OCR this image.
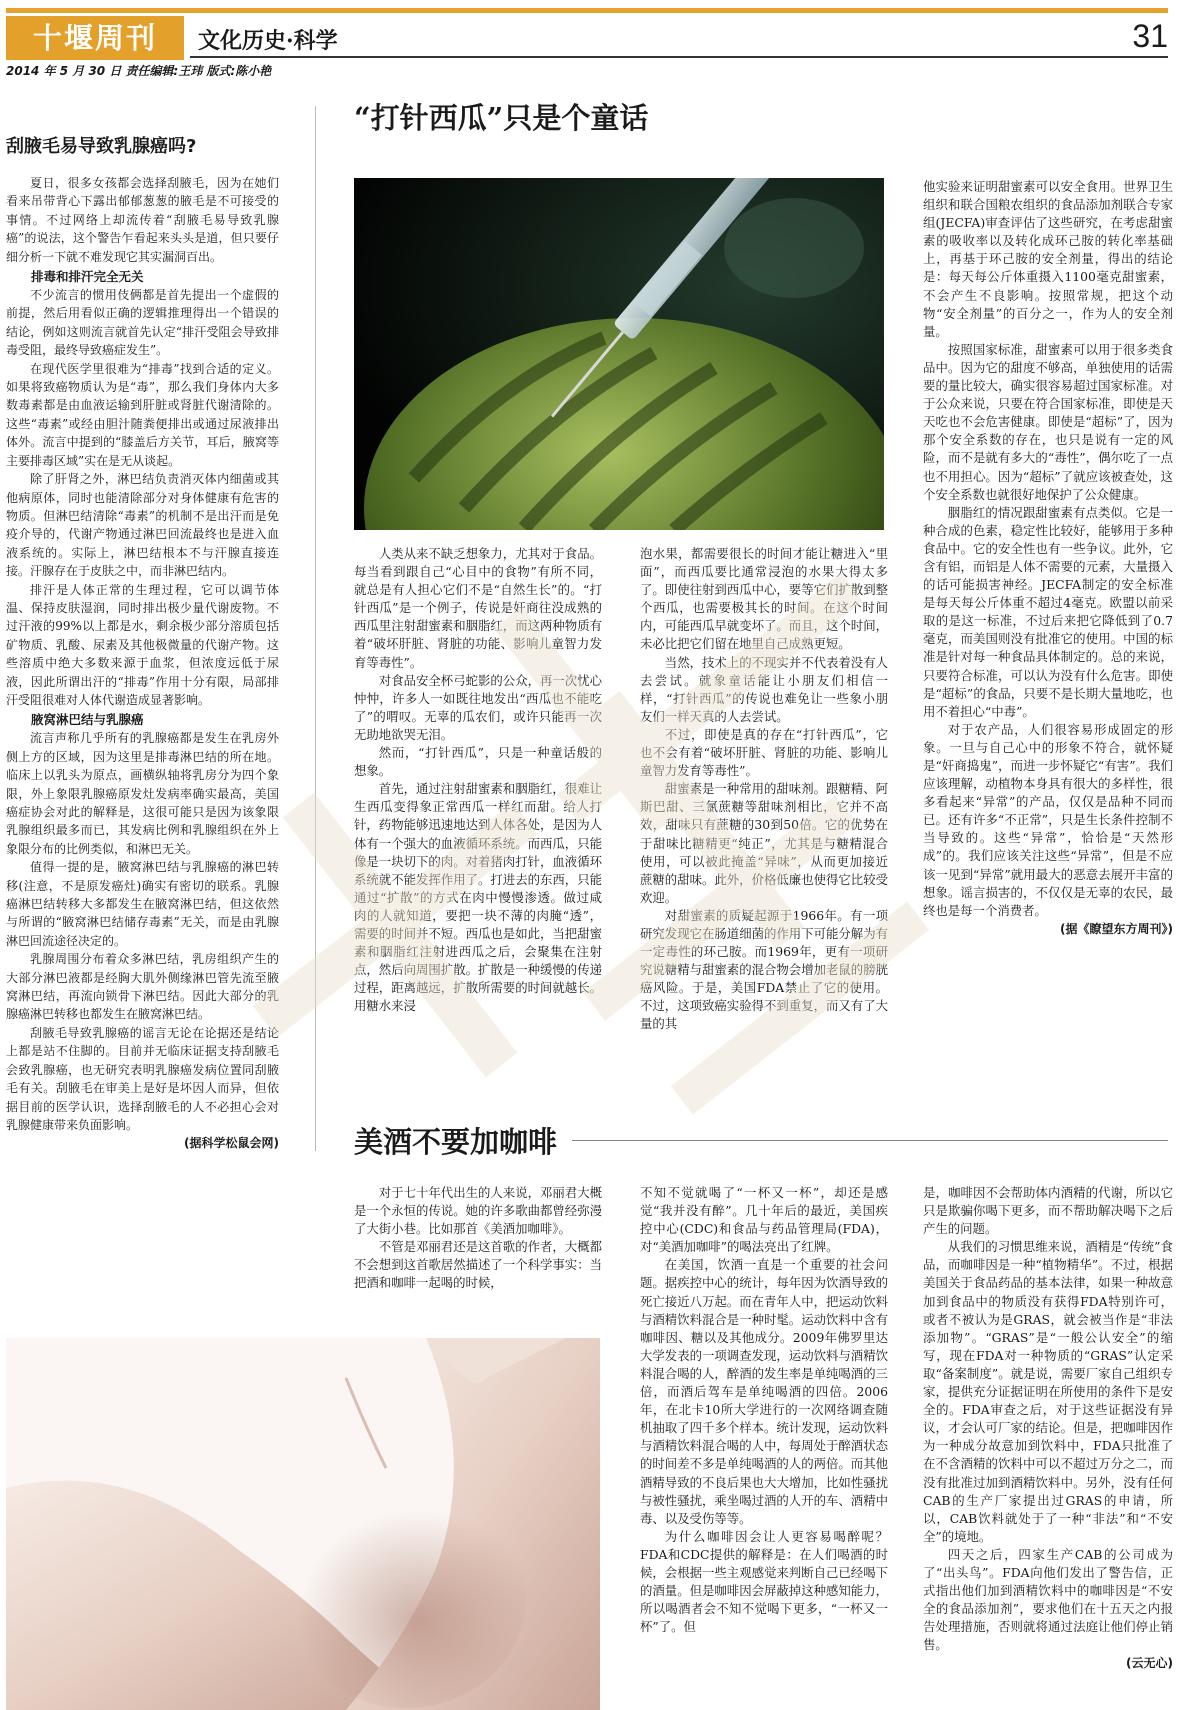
十堰周刊	文化历史·科学	31
2014 年 5 月 30 日 责任编辑:王玮 版式:陈小艳
刮腋毛易导致乳腺癌吗?

夏日，很多女孩都会选择刮腋毛，因为在她们看来吊带背心下露出郁郁葱葱的腋毛是不可接受的事情。不过网络上却流传着“刮腋毛易导致乳腺癌”的说法，这个警告乍看起来头头是道，但只要仔细分析一下就不难发现它其实漏洞百出。

排毒和排汗完全无关

不少流言的惯用伎俩都是首先提出一个虚假的前提，然后用看似正确的逻辑推理得出一个错误的结论，例如这则流言就首先认定“排汗受阻会导致排毒受阻，最终导致癌症发生”。

在现代医学里很难为“排毒”找到合适的定义。如果将致癌物质认为是“毒”，那么我们身体内大多数毒素都是由血液运输到肝脏或肾脏代谢清除的。这些“毒素”或经由胆汁随粪便排出或通过尿液排出体外。流言中提到的“膝盖后方关节，耳后，腋窝等主要排毒区域”实在是无从谈起。

除了肝肾之外，淋巴结负责消灭体内细菌或其他病原体，同时也能清除部分对身体健康有危害的物质。但淋巴结清除“毒素”的机制不是出汗而是免疫介导的，代谢产物通过淋巴回流最终也是进入血液系统的。实际上，淋巴结根本不与汗腺直接连接。汗腺存在于皮肤之中，而非淋巴结内。

排汗是人体正常的生理过程，它可以调节体温、保持皮肤湿润，同时排出极少量代谢废物。不过汗液的99%以上都是水，剩余极少部分溶质包括矿物质、乳酸、尿素及其他极微量的代谢产物。这些溶质中绝大多数来源于血浆，但浓度远低于尿液，因此所谓出汗的“排毒”作用十分有限，局部排汗受阻很难对人体代谢造成显著影响。

腋窝淋巴结与乳腺癌

流言声称几乎所有的乳腺癌都是发生在乳房外侧上方的区域，因为这里是排毒淋巴结的所在地。临床上以乳头为原点，画横纵轴将乳房分为四个象限，外上象限乳腺癌原发灶发病率确实最高，美国癌症协会对此的解释是，这很可能只是因为该象限乳腺组织最多而已，其发病比例和乳腺组织在外上象限分布的比例类似，和淋巴无关。

值得一提的是，腋窝淋巴结与乳腺癌的淋巴转移(注意，不是原发癌灶)确实有密切的联系。乳腺癌淋巴结转移大多都发生在腋窝淋巴结，但这依然与所谓的“腋窝淋巴结储存毒素”无关，而是由乳腺淋巴回流途径决定的。

乳腺周围分布着众多淋巴结，乳房组织产生的大部分淋巴液都是经胸大肌外侧缘淋巴管先流至腋窝淋巴结，再流向锁骨下淋巴结。因此大部分的乳腺癌淋巴转移也都发生在腋窝淋巴结。

刮腋毛导致乳腺癌的谣言无论在论据还是结论上都是站不住脚的。目前并无临床证据支持刮腋毛会致乳腺癌，也无研究表明乳腺癌发病位置同刮腋毛有关。刮腋毛在审美上是好是坏因人而异，但依据目前的医学认识，选择刮腋毛的人不必担心会对乳腺健康带来负面影响。

(据科学松鼠会网)

“打针西瓜”只是个童话

人类从来不缺乏想象力，尤其对于食品。每当看到跟自己“心目中的食物”有所不同，就总是有人担心它们不是“自然生长”的。“打针西瓜”是一个例子，传说是奸商往没成熟的西瓜里注射甜蜜素和胭脂红，而这两种物质有着“破坏肝脏、肾脏的功能、影响儿童智力发育等毒性”。

对食品安全杯弓蛇影的公众，再一次忧心忡忡，许多人一如既往地发出“西瓜也不能吃了”的喟叹。无辜的瓜农们，或许只能再一次无助地欲哭无泪。

然而，“打针西瓜”，只是一种童话般的想象。

首先，通过注射甜蜜素和胭脂红，很难让生西瓜变得象正常西瓜一样红而甜。给人打针，药物能够迅速地达到人体各处，是因为人体有一个强大的血液循环系统。而西瓜，只能像是一块切下的肉。对着猪肉打针，血液循环系统就不能发挥作用了。打进去的东西，只能通过“扩散”的方式在肉中慢慢渗透。做过咸肉的人就知道，要把一块不薄的肉腌“透”，需要的时间并不短。西瓜也是如此，当把甜蜜素和胭脂红注射进西瓜之后，会聚集在注射点，然后向周围扩散。扩散是一种缓慢的传递过程，距离越远，扩散所需要的时间就越长。用糖水来浸

泡水果，都需要很长的时间才能让糖进入“里面”，而西瓜要比通常浸泡的水果大得太多了。即使往射到西瓜中心，要等它们扩散到整个西瓜，也需要极其长的时间。在这个时间内，可能西瓜早就变坏了。而且，这个时间，未必比把它们留在地里自己成熟更短。

当然，技术上的不现实并不代表着没有人去尝试。就象童话能让小朋友们相信一样，“打针西瓜”的传说也难免让一些象小朋友们一样天真的人去尝试。

不过，即使是真的存在“打针西瓜”，它也不会有着“破坏肝脏、肾脏的功能、影响儿童智力发育等毒性”。

甜蜜素是一种常用的甜味剂。跟糖精、阿斯巴甜、三氯蔗糖等甜味剂相比，它并不高效，甜味只有蔗糖的30到50倍。它的优势在于甜味比糖精更“纯正”，尤其是与糖精混合使用，可以被此掩盖“异味”，从而更加接近蔗糖的甜味。此外，价格低廉也使得它比较受欢迎。

对甜蜜素的质疑起源于1966年。有一项研究发现它在肠道细菌的作用下可能分解为有一定毒性的环己胺。而1969年，更有一项研究说糖精与甜蜜素的混合物会增加老鼠的膀胱癌风险。于是，美国FDA禁止了它的使用。不过，这项致癌实验得不到重复，而又有了大量的其

他实验来证明甜蜜素可以安全食用。世界卫生组织和联合国粮农组织的食品添加剂联合专家组(JECFA)审查评估了这些研究，在考虑甜蜜素的吸收率以及转化成环己胺的转化率基础上，再基于环己胺的安全剂量，得出的结论是：每天每公斤体重摄入1100毫克甜蜜素，不会产生不良影响。按照常规，把这个动物“安全剂量”的百分之一，作为人的安全剂量。

按照国家标准，甜蜜素可以用于很多类食品中。因为它的甜度不够高，单独使用的话需要的量比较大，确实很容易超过国家标准。对于公众来说，只要在符合国家标准，即使是天天吃也不会危害健康。即使是“超标”了，因为那个安全系数的存在，也只是说有一定的风险，而不是就有多大的“毒性”，偶尔吃了一点也不用担心。因为“超标”了就应该被查处，这个安全系数也就很好地保护了公众健康。

胭脂红的情况跟甜蜜素有点类似。它是一种合成的色素，稳定性比较好，能够用于多种食品中。它的安全性也有一些争议。此外，它含有铝，而铝是人体不需要的元素，大量摄入的话可能损害神经。JECFA制定的安全标准是每天每公斤体重不超过4毫克。欧盟以前采取的是这一标准，不过后来把它降低到了0.7毫克，而美国则没有批准它的使用。中国的标准是针对每一种食品具体制定的。总的来说，只要符合标准，可以认为没有什么危害。即使是“超标”的食品，只要不是长期大量地吃，也用不着担心“中毒”。

对于农产品，人们很容易形成固定的形象。一旦与自己心中的形象不符合，就怀疑是“奸商捣鬼”，而进一步怀疑它“有害”。我们应该理解，动植物本身具有很大的多样性，很多看起来“异常”的产品，仅仅是品种不同而已。还有许多“不正常”，只是生长条件控制不当导致的。这些“异常”，恰恰是“天然形成”的。我们应该关注这些“异常”，但是不应该一见到“异常”就用最大的恶意去展开丰富的想象。谣言损害的，不仅仅是无辜的农民，最终也是每一个消费者。

(据《瞭望东方周刊》)

美酒不要加咖啡

对于七十年代出生的人来说，邓丽君大概是一个永恒的传说。她的许多歌曲都曾经弥漫了大街小巷。比如那首《美酒加咖啡》。

不管是邓丽君还是这首歌的作者，大概都不会想到这首歌居然描述了一个科学事实：当把酒和咖啡一起喝的时候，

不知不觉就喝了“一杯又一杯”，却还是感觉“我并没有醉”。几十年后的最近，美国疾控中心(CDC)和食品与药品管理局(FDA)，对“美酒加咖啡”的喝法亮出了红牌。

在美国，饮酒一直是一个重要的社会问题。据疾控中心的统计，每年因为饮酒导致的死亡接近八万起。而在青年人中，把运动饮料与酒精饮料混合是一种时髦。运动饮料中含有咖啡因、糖以及其他成分。2009年佛罗里达大学发表的一项调查发现，运动饮料与酒精饮料混合喝的人，醉酒的发生率是单纯喝酒的三倍，而酒后驾车是单纯喝酒的四倍。2006年，在北卡10所大学进行的一次网络调查随机抽取了四千多个样本。统计发现，运动饮料与酒精饮料混合喝的人中，每周处于醉酒状态的时间差不多是单纯喝酒的人的两倍。而其他酒精导致的不良后果也大大增加，比如性骚扰与被性骚扰，乘坐喝过酒的人开的车、酒精中毒、以及受伤等等。

为什么咖啡因会让人更容易喝醉呢？FDA和CDC提供的解释是：在人们喝酒的时候，会根据一些主观感觉来判断自己已经喝下的酒量。但是咖啡因会屏蔽掉这种感知能力，所以喝酒者会不知不觉喝下更多，“一杯又一杯”了。但

是，咖啡因不会帮助体内酒精的代谢，所以它只是欺骗你喝下更多，而不帮助解决喝下之后产生的问题。

从我们的习惯思维来说，酒精是“传统”食品，而咖啡因是一种“植物精华”。不过，根据美国关于食品药品的基本法律，如果一种故意加到食品中的物质没有获得FDA特别许可，或者不被认为是GRAS，就会被当作是“非法添加物”。“GRAS”是“一般公认安全”的缩写，现在FDA对一种物质的“GRAS”认定采取“备案制度”。就是说，需要厂家自己组织专家，提供充分证据证明在所使用的条件下是安全的。FDA审查之后，对于这些证据没有异议，才会认可厂家的结论。但是，把咖啡因作为一种成分故意加到饮料中，FDA只批准了在不含酒精的饮料中可以不超过万分之二，而没有批准过加到酒精饮料中。另外，没有任何CAB的生产厂家提出过GRAS的申请，所以，CAB饮料就处于了一种“非法”和“不安全”的境地。

四天之后，四家生产CAB的公司成为了“出头鸟”。FDA向他们发出了警告信，正式指出他们加到酒精饮料中的咖啡因是“不安全的食品添加剂”，要求他们在十五天之内报告处理措施，否则就将通过法庭让他们停止销售。

(云无心)
